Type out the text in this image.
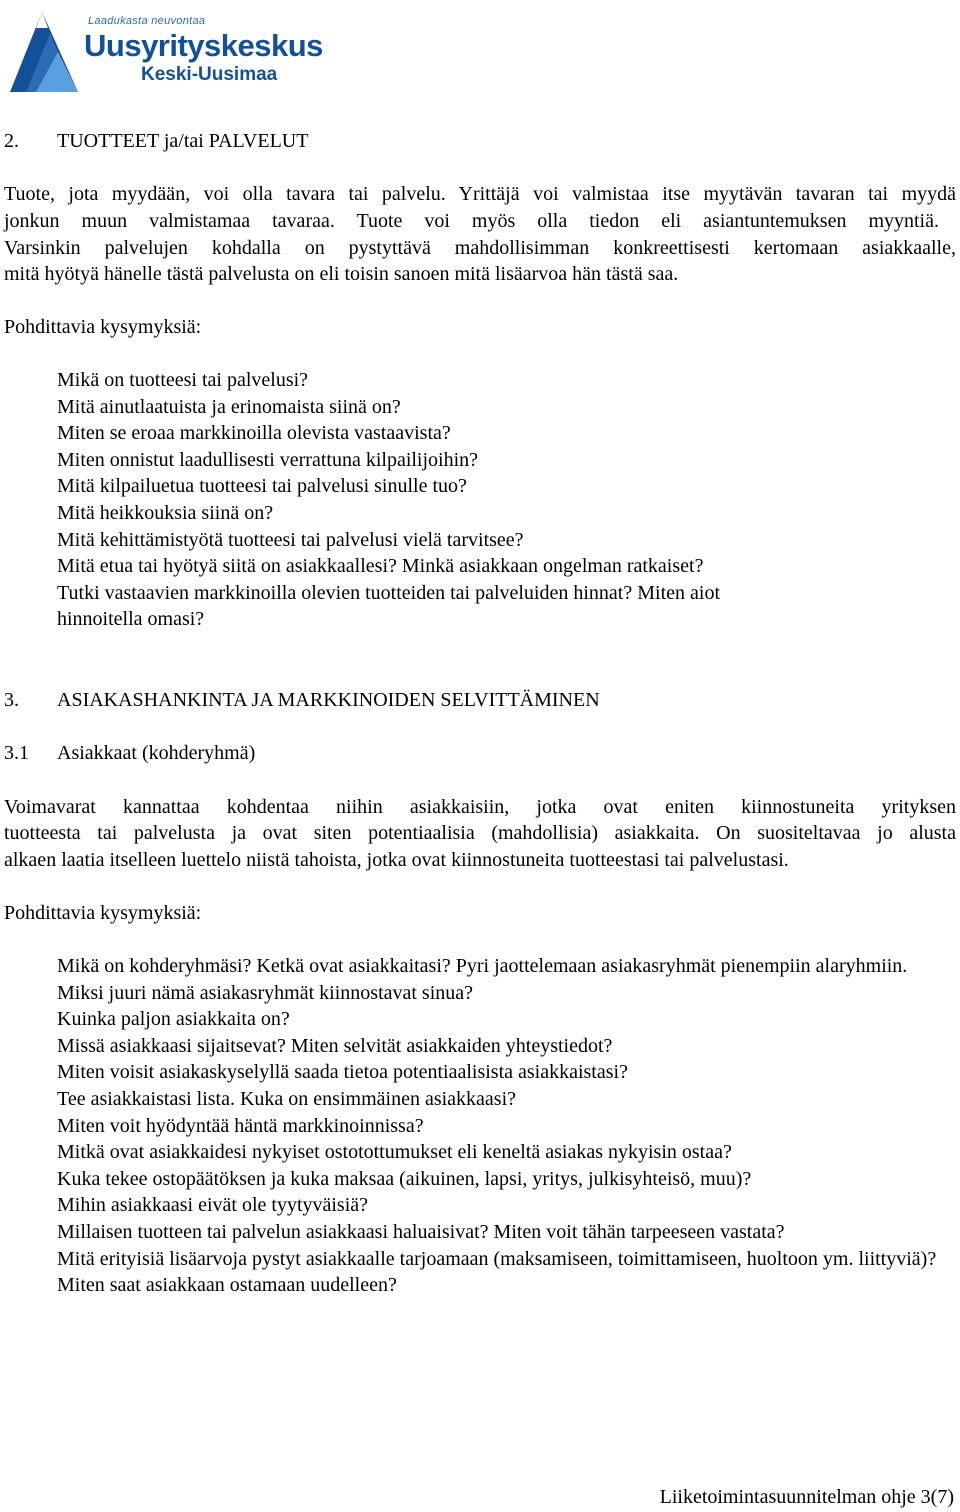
Laadukasta neuvontaa
Uusyrityskeskus
Keski-Uusimaa
2. TUOTTEET ja/tai PALVELUT

Tuote, jota myydään, voi olla tavara tai palvelu. Yrittäjä voi valmistaa itse myytävän tavaran tai myydä

jonkun muun valmistamaa tavaraa. Tuote voi myös olla tiedon eli asiantuntemuksen myyntiä.

Varsinkin palvelujen kohdalla on pystyttävä mahdollisimman konkreettisesti kertomaan asiakkaalle,

mitä hyötyä hänelle tästä palvelusta on eli toisin sanoen mitä lisäarvoa hän tästä saa.

Pohdittavia kysymyksiä:
Mikä on tuotteesi tai palvelusi?
Mitä ainutlaatuista ja erinomaista siinä on?
Miten se eroaa markkinoilla olevista vastaavista?
Miten onnistut laadullisesti verrattuna kilpailijoihin?
Mitä kilpailuetua tuotteesi tai palvelusi sinulle tuo?
Mitä heikkouksia siinä on?
Mitä kehittämistyötä tuotteesi tai palvelusi vielä tarvitsee?
Mitä etua tai hyötyä siitä on asiakkaallesi? Minkä asiakkaan ongelman ratkaiset?
Tutki vastaavien markkinoilla olevien tuotteiden tai palveluiden hinnat? Miten aiot hinnoitella omasi?
3. ASIAKASHANKINTA JA MARKKINOIDEN SELVITTÄMINEN
3.1 Asiakkaat (kohderyhmä)

Voimavarat kannattaa kohdentaa niihin asiakkaisiin, jotka ovat eniten kiinnostuneita yrityksen

tuotteesta tai palvelusta ja ovat siten potentiaalisia (mahdollisia) asiakkaita. On suositeltavaa jo alusta

alkaen laatia itselleen luettelo niistä tahoista, jotka ovat kiinnostuneita tuotteestasi tai palvelustasi.

Pohdittavia kysymyksiä:
Mikä on kohderyhmäsi? Ketkä ovat asiakkaitasi? Pyri jaottelemaan asiakasryhmät pienempiin alaryhmiin.
Miksi juuri nämä asiakasryhmät kiinnostavat sinua?
Kuinka paljon asiakkaita on?
Missä asiakkaasi sijaitsevat? Miten selvität asiakkaiden yhteystiedot?
Miten voisit asiakaskyselyllä saada tietoa potentiaalisista asiakkaistasi?
Tee asiakkaistasi lista. Kuka on ensimmäinen asiakkaasi?
Miten voit hyödyntää häntä markkinoinnissa?
Mitkä ovat asiakkaidesi nykyiset ostotottumukset eli keneltä asiakas nykyisin ostaa?
Kuka tekee ostopäätöksen ja kuka maksaa (aikuinen, lapsi, yritys, julkisyhteisö, muu)?
Mihin asiakkaasi eivät ole tyytyväisiä?
Millaisen tuotteen tai palvelun asiakkaasi haluaisivat? Miten voit tähän tarpeeseen vastata?
Mitä erityisiä lisäarvoja pystyt asiakkaalle tarjoamaan (maksamiseen, toimittamiseen, huoltoon ym. liittyviä)?
Miten saat asiakkaan ostamaan uudelleen?
Liiketoimintasuunnitelman ohje 3(7)
